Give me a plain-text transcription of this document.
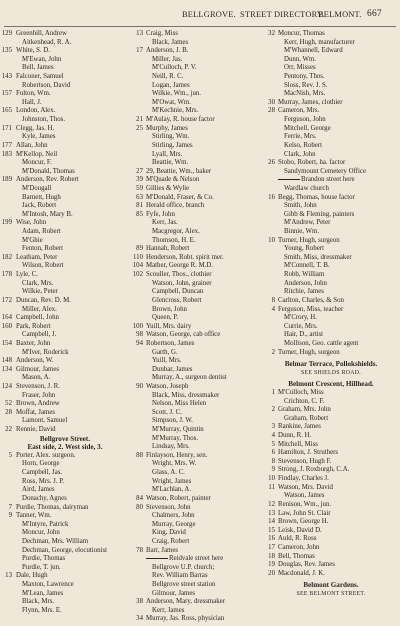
BELLGROVE. STREET DIRECTORY.
BELMONT. 667
129 Greenhill, Andrew
Aitkenhead, R. A.
135 White, S. D.
M'Ewan, John
Bell, James
143 Falconer, Samuel
Robertson, David
157 Fulton, Wm.
Hall, J.
165 London, Alex.
Johnston, Thos.
171 Clegg, Jas. H.
Kyle, James
177 Allan, John
183 M'Kellop, Neil
Moncur, F.
M'Donald, Thomas
189 Anderson, Rev. Robert
M'Dougall
Barnett, Hugh
Jack, Robert
M'Intosh, Mary B.
199 Wise, John
Adam, Robert
M'Ghie
Fenton, Robert
182 Leatham, Peter
Wilson, Robert
178 Lyle, C.
Clark, Mrs.
Wilkie, Peter
172 Duncan, Rev. D. M.
Miller, Alex.
164 Campbell, John
160 Park, Robert
Campbell, J.
154 Baxter, John
M'Iver, Roderick
148 Anderson, W.
134 Gilmour, James
Mason, A.
124 Stevenson, J. R.
Fraser, John
52 Brown, Andrew
28 Moffat, James
Lamont, Samuel
22 Rennie, David
Bellgrove Street.
East side, 2. West side, 3.
5 Porter, Alex. surgeon.
Horn, George
Campbell, Jas.
Ross, Mrs. J. P.
Aird, James
Donachy, Agnes
7 Purdie, Thomas, dairyman
9 Tanner, Wm.
M'Intyre, Patrick
Moncur, John
Dechman, Mrs. William
Dechman, George, elocutionist
Purdie, Thomas
Purdie, T. jun.
13 Dale, Hugh
Maxton, Lawrence
M'Lean, James
Black, Mrs.
Flynn, Mrs. E.
13 Craig, Miss
Black, James
17 Anderson, J. B.
Miller, Jas.
M'Culloch, P. V.
Neill, R. C.
Logan, James
Wilkie, Wm., jun.
M'Owat, Wm.
M'Kechnie, Mrs.
21 M'Aulay, R. house factor
25 Murphy, James
Stirling, Wm.
Stirling, James
Lyall, Mrs.
Beattie, Wm.
27 29, Beattie, Wm., baker
39 M'Quade & Nelson
59 Gillies & Wylie
63 M'Donald, Fraser, & Co.
81 Herald office, branch
85 Fyfe, John
Kerr, Jas.
Macgregor, Alex.
Thomson, H. E.
89 Hannah, Robert
110 Henderson, Robt. spirit mer.
104 Mather, George R. M.D.
102 Scouller, Thos., clothier
Watson, John, grainer
Campbell, Duncan
Glencross, Robert
Brown, John
Queen, P.
100 Yuill, Mrs. dairy
98 Watson, George, cab office
94 Robertson, James
Garth, G.
Yuill, Mrs.
Dunbar, James
Murray, A., surgeon dentist
90 Watson, Joseph
Black, Miss, dressmaker
Nelson, Miss Helen
Scott, J. C.
Simpson, J. W.
M'Murray, Quintin
M'Murray, Thos.
Lindsay, Mrs.
88 Finlayson, Henry, sen.
Wright, Mrs. W.
Glass, A. C.
Wright, James
M'Lachlan, A.
84 Watson, Robert, painter
80 Stevenson, John
Chalmers, John
Murray, George
King, David
Craig, Robert
78 Barr, James
Reidvale street here
Bellgrove U.P. church;
Rev. William Barras
Bellgrove street station
Gilmour, James
38 Anderson, Mary, dressmaker
Kerr, James
34 Murray, Jas. Ross, physician
32 Moncur, Thomas
Kerr, Hugh, manufacturer
M'Whannell, Edward
Dunn, Wm.
Orr, Misses
Pentony, Thos.
Sloss, Rev. J. S.
MacNish, Mrs.
30 Murray, James, clothier
28 Cameron, Mrs.
Ferguson, John
Mitchell, George
Ferrie, Mrs.
Kelso, Robert
Clark, John
26 Stobo, Robert, ha. factor
Sandymount Cemetery Office
Brandon street here
Wardlaw church
16 Begg, Thomas, house factor
Smith, John
Gibb & Fleming, painters
M'Andrew, Peter
Binnie, Wm.
10 Turner, Hugh, surgeon
Young, Robert
Smith, Miss, dressmaker
M'Connell, T. B.
Robb, William
Anderson, John
Ritchie, James
8 Carlton, Charles, & Son
4 Ferguson, Miss, teacher
M'Crory, H.
Currie, Mrs.
Hair, D., artist
Mollison, Geo. cattle agent
2 Turner, Hugh, surgeon
Belmar Terrace, Pollokshields.
SEE SHIELDS ROAD.
Belmont Crescent, Hillhead.
1 M'Culloch, Miss
Crichton, C. F.
2 Graham, Mrs. John
Graham, Robert
3 Rankine, James
4 Dunn, R. H.
5 Mitchell, Miss
6 Hamilton, J. Struthers
8 Stevenson, Hugh F.
9 Strong, J. Roxburgh, C.A.
10 Findlay, Charles J.
11 Watson, Mrs. David
Watson, James
12 Renison, Wm., jun.
13 Law, John St. Clair
14 Brown, George H.
15 Leisk, David D.
16 Auld, R. Ross
17 Cameron, John
18 Bell, Thomas
19 Douglas, Rev. James
20 Macdonald, J. K.
Belmont Gardens.
SEE BELMONT STREET.
